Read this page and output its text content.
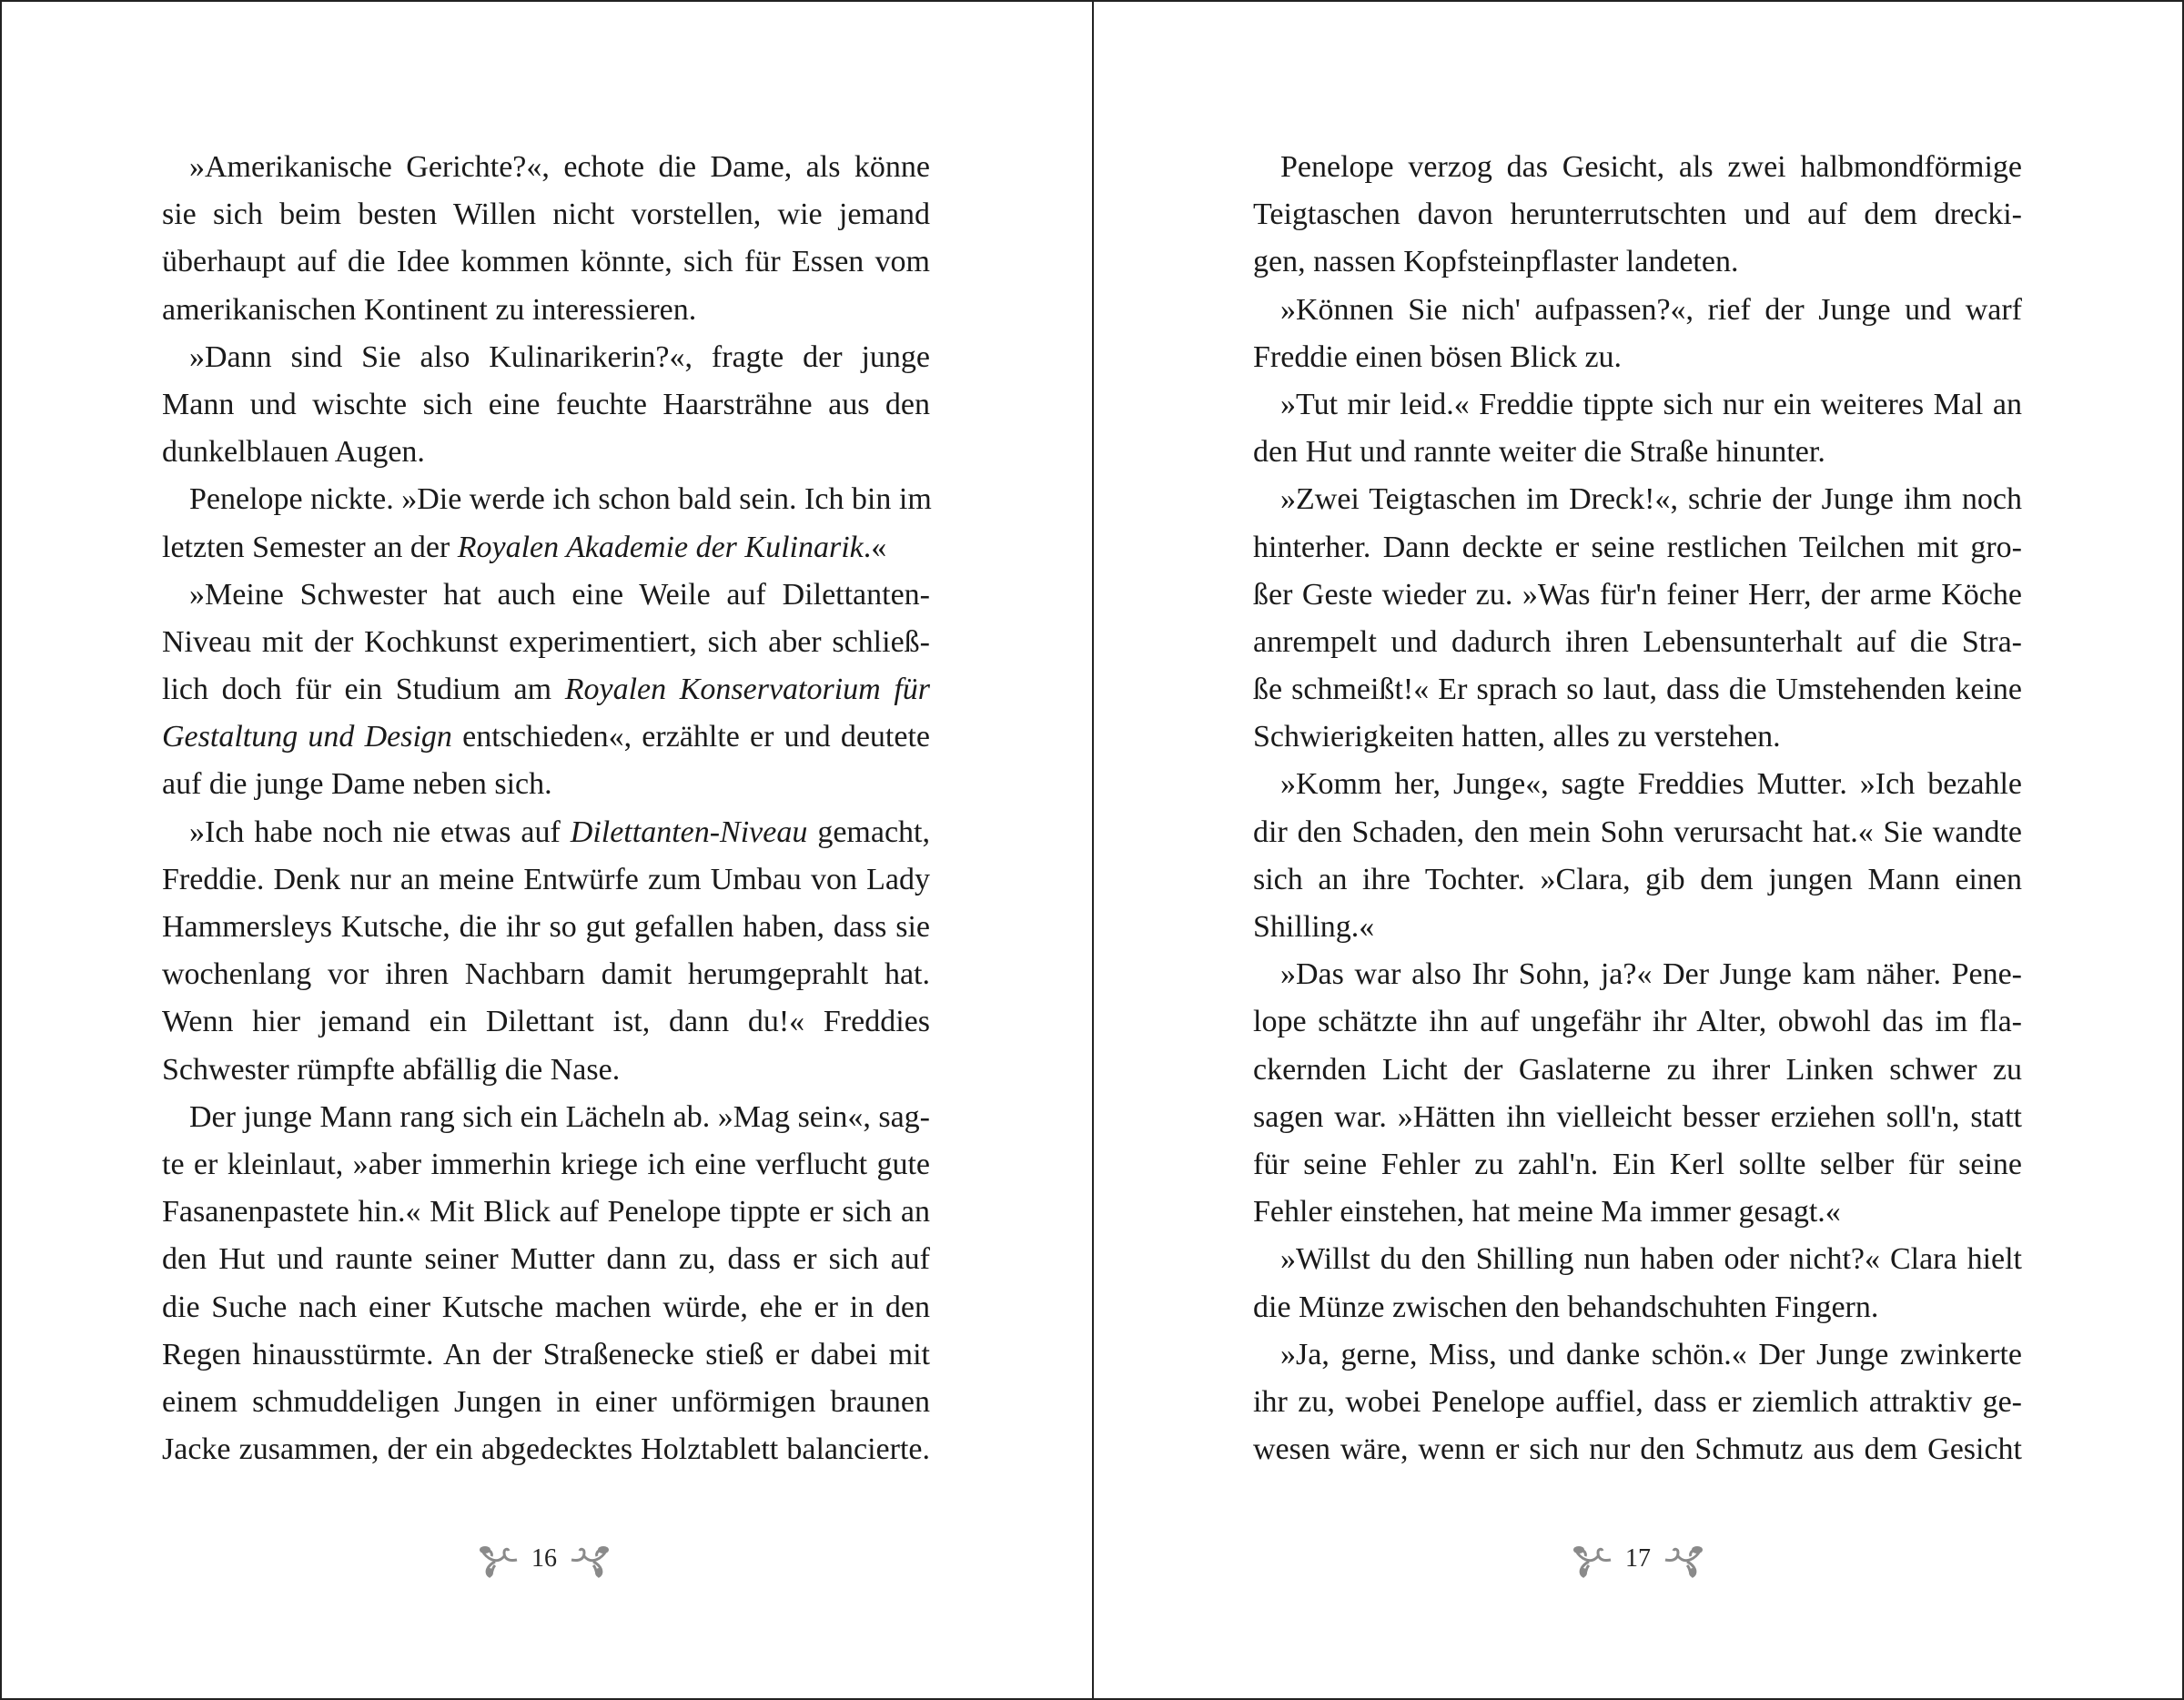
»Amerikanische Gerichte?«, echote die Dame, als könne
sie sich beim besten Willen nicht vorstellen, wie jemand
überhaupt auf die Idee kommen könnte, sich für Essen vom
amerikanischen Kontinent zu interessieren.
»Dann sind Sie also Kulinarikerin?«, fragte der junge
Mann und wischte sich eine feuchte Haarsträhne aus den
dunkelblauen Augen.
Penelope nickte. »Die werde ich schon bald sein. Ich bin im
letzten Semester an der Royalen Akademie der Kulinarik.«
»Meine Schwester hat auch eine Weile auf Dilettanten-
Niveau mit der Kochkunst experimentiert, sich aber schließ-
lich doch für ein Studium am Royalen Konservatorium für
Gestaltung und Design entschieden«, erzählte er und deutete
auf die junge Dame neben sich.
»Ich habe noch nie etwas auf Dilettanten-Niveau gemacht,
Freddie. Denk nur an meine Entwürfe zum Umbau von Lady
Hammersleys Kutsche, die ihr so gut gefallen haben, dass sie
wochenlang vor ihren Nachbarn damit herumgeprahlt hat.
Wenn hier jemand ein Dilettant ist, dann du!« Freddies
Schwester rümpfte abfällig die Nase.
Der junge Mann rang sich ein Lächeln ab. »Mag sein«, sag-
te er kleinlaut, »aber immerhin kriege ich eine verflucht gute
Fasanenpastete hin.« Mit Blick auf Penelope tippte er sich an
den Hut und raunte seiner Mutter dann zu, dass er sich auf
die Suche nach einer Kutsche machen würde, ehe er in den
Regen hinausstürmte. An der Straßenecke stieß er dabei mit
einem schmuddeligen Jungen in einer unförmigen braunen
Jacke zusammen, der ein abgedecktes Holztablett balancierte.
16
Penelope verzog das Gesicht, als zwei halbmondförmige
Teigtaschen davon herunterrutschten und auf dem drecki-
gen, nassen Kopfsteinpflaster landeten.
»Können Sie nich' aufpassen?«, rief der Junge und warf
Freddie einen bösen Blick zu.
»Tut mir leid.« Freddie tippte sich nur ein weiteres Mal an
den Hut und rannte weiter die Straße hinunter.
»Zwei Teigtaschen im Dreck!«, schrie der Junge ihm noch
hinterher. Dann deckte er seine restlichen Teilchen mit gro-
ßer Geste wieder zu. »Was für'n feiner Herr, der arme Köche
anrempelt und dadurch ihren Lebensunterhalt auf die Stra-
ße schmeißt!« Er sprach so laut, dass die Umstehenden keine
Schwierigkeiten hatten, alles zu verstehen.
»Komm her, Junge«, sagte Freddies Mutter. »Ich bezahle
dir den Schaden, den mein Sohn verursacht hat.« Sie wandte
sich an ihre Tochter. »Clara, gib dem jungen Mann einen
Shilling.«
»Das war also Ihr Sohn, ja?« Der Junge kam näher. Pene-
lope schätzte ihn auf ungefähr ihr Alter, obwohl das im fla-
ckernden Licht der Gaslaterne zu ihrer Linken schwer zu
sagen war. »Hätten ihn vielleicht besser erziehen soll'n, statt
für seine Fehler zu zahl'n. Ein Kerl sollte selber für seine
Fehler einstehen, hat meine Ma immer gesagt.«
»Willst du den Shilling nun haben oder nicht?« Clara hielt
die Münze zwischen den behandschuhten Fingern.
»Ja, gerne, Miss, und danke schön.« Der Junge zwinkerte
ihr zu, wobei Penelope auffiel, dass er ziemlich attraktiv ge-
wesen wäre, wenn er sich nur den Schmutz aus dem Gesicht
17
